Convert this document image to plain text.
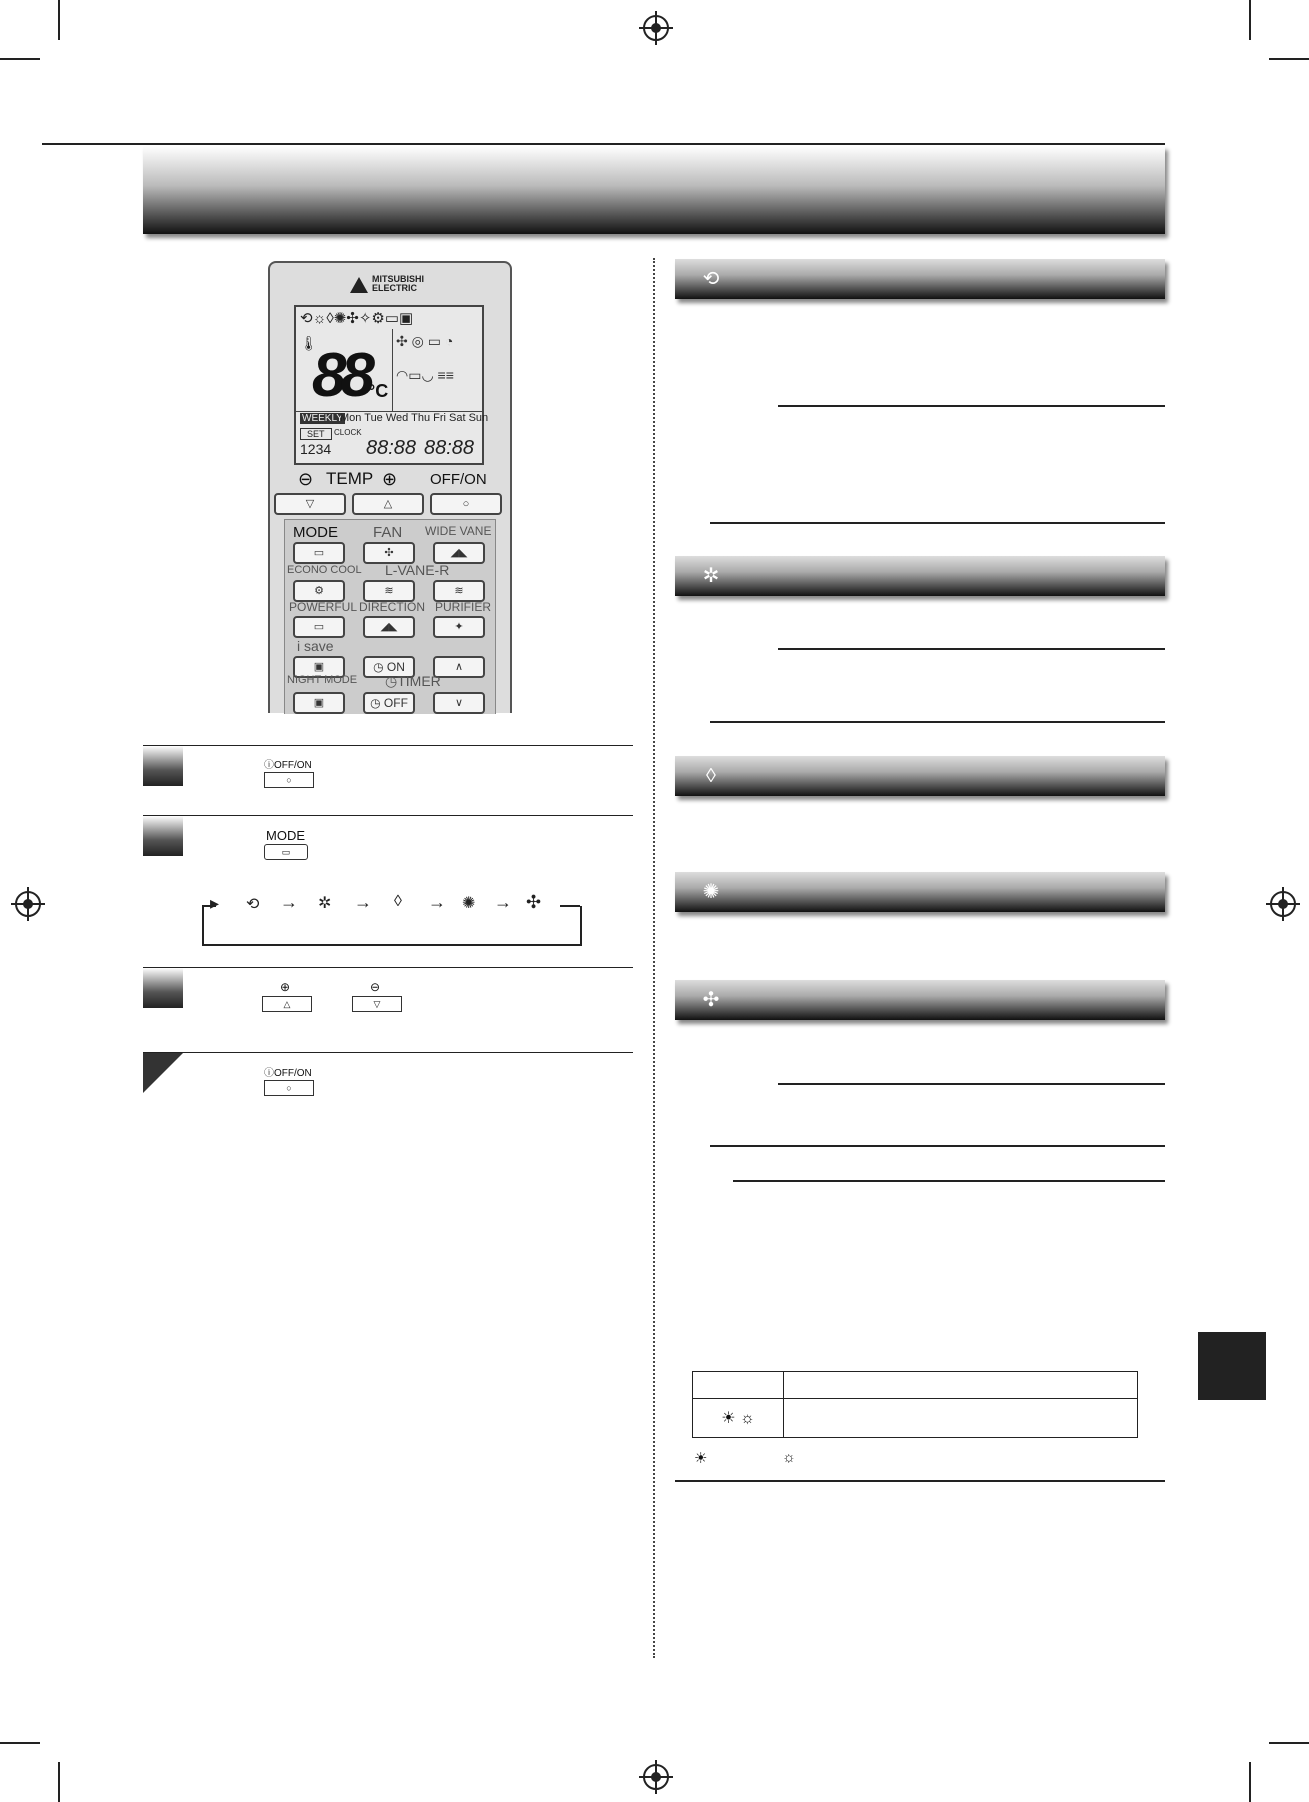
MITSUBISHI
ELECTRIC
⟲☼◊✺✣✧⚙▭▣
🌡
88 °C
✣ ◎ ▭ ◔
◠▭◡ ≡≡
WEEKLY
Mon Tue Wed Thu Fri Sat Sun
SET	CLOCK
1234 88:88 88:88
⊖ TEMP ⊕ OFF/ON
▽	△	○
MODE FAN WIDE VANE
▭	✣	◢◣
ECONO COOL L-VANE-R
⚙	≋	≋
POWERFUL DIRECTION PURIFIER
▭	◢◣	✦
i save
▣	◷ ON	∧
NIGHT MODE ◷TIMER
▣	◷ OFF	∨
ⓘOFF/ON
○
MODE
▭
▸ ⟲ → ✲ → ◊ → ✺ → ✣
⊕
△
⊖
▽
ⓘOFF/ON
○
⟲
✲
◊
✺
✣

☀ ☼	
☀	☼
